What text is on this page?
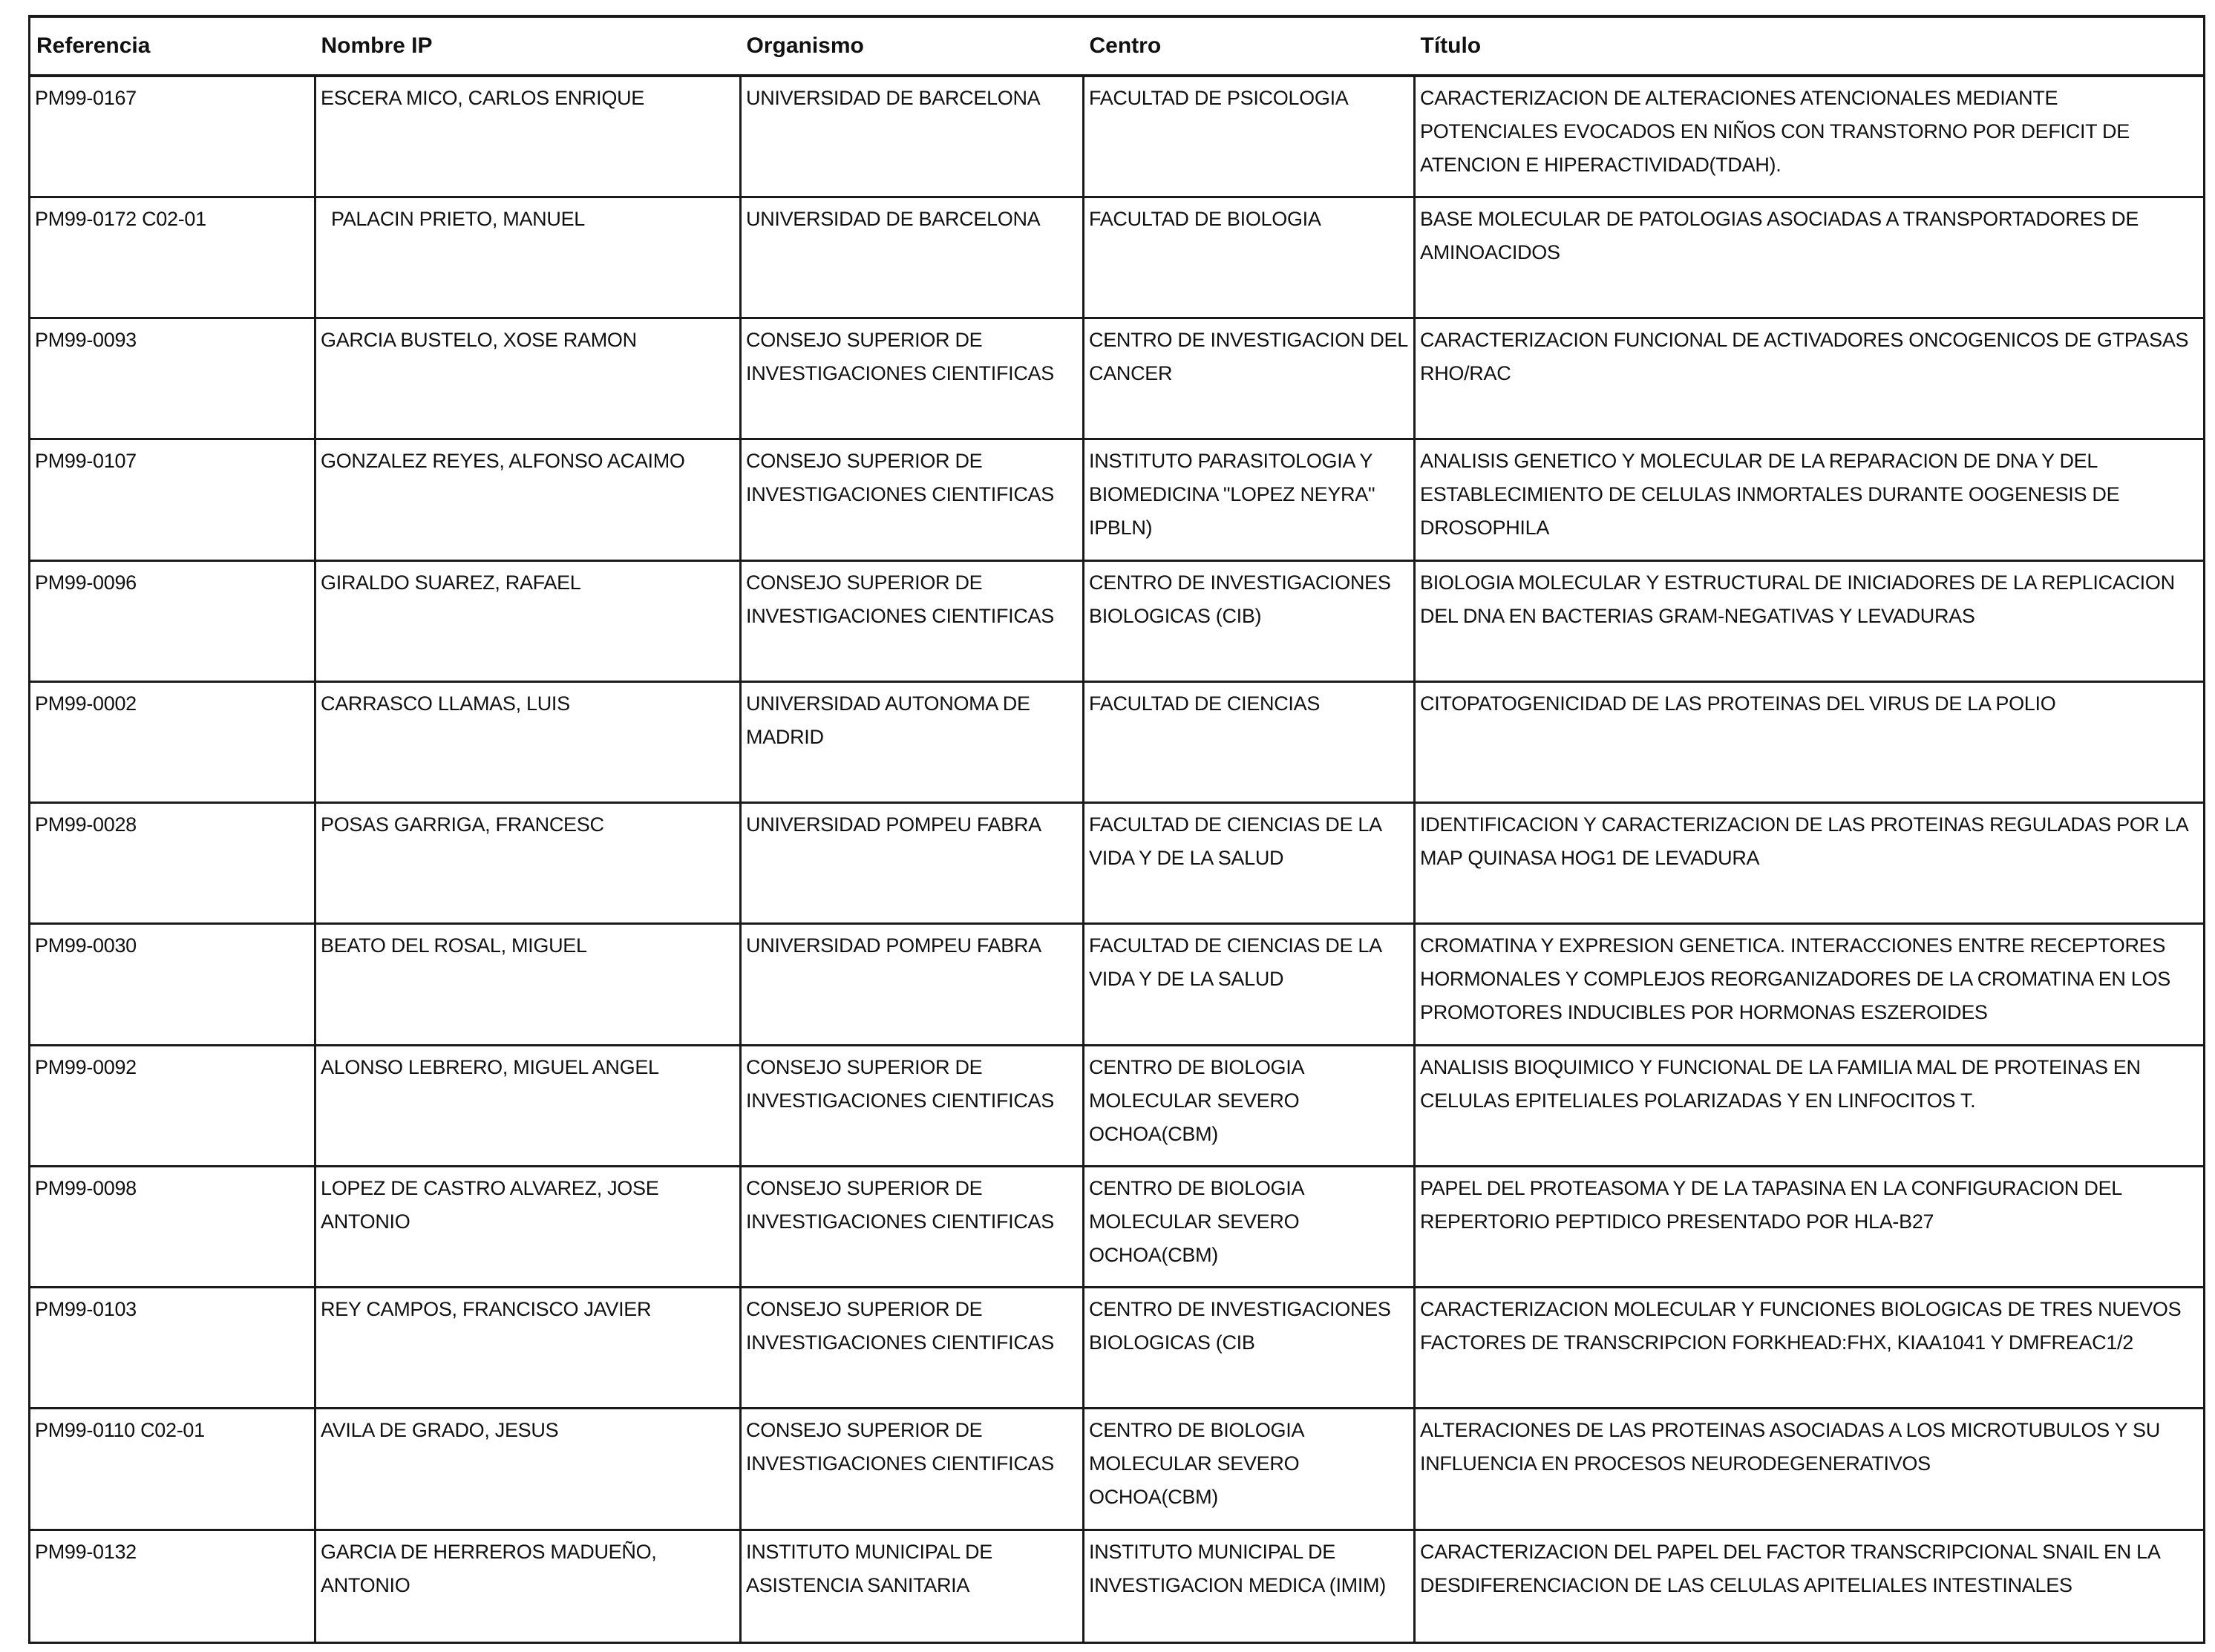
Referencia	Nombre IP	Organismo	Centro	Título
PM99-0167	ESCERA MICO, CARLOS ENRIQUE	UNIVERSIDAD DE BARCELONA	FACULTAD DE PSICOLOGIA	CARACTERIZACION DE ALTERACIONES ATENCIONALES MEDIANTE POTENCIALES EVOCADOS EN NIÑOS CON TRANSTORNO POR DEFICIT DE ATENCION E HIPERACTIVIDAD(TDAH).
PM99-0172 C02-01	PALACIN PRIETO, MANUEL	UNIVERSIDAD DE BARCELONA	FACULTAD DE BIOLOGIA	BASE MOLECULAR DE PATOLOGIAS ASOCIADAS A TRANSPORTADORES DE AMINOACIDOS
PM99-0093	GARCIA BUSTELO, XOSE RAMON	CONSEJO SUPERIOR DE INVESTIGACIONES CIENTIFICAS	CENTRO DE INVESTIGACION DEL CANCER	CARACTERIZACION FUNCIONAL DE ACTIVADORES ONCOGENICOS DE GTPASAS RHO/RAC
PM99-0107	GONZALEZ REYES, ALFONSO ACAIMO	CONSEJO SUPERIOR DE INVESTIGACIONES CIENTIFICAS	INSTITUTO PARASITOLOGIA Y BIOMEDICINA "LOPEZ NEYRA" IPBLN)	ANALISIS GENETICO Y MOLECULAR DE LA REPARACION DE DNA Y DEL ESTABLECIMIENTO DE CELULAS INMORTALES DURANTE OOGENESIS DE DROSOPHILA
PM99-0096	GIRALDO SUAREZ, RAFAEL	CONSEJO SUPERIOR DE INVESTIGACIONES CIENTIFICAS	CENTRO DE INVESTIGACIONES BIOLOGICAS (CIB)	BIOLOGIA MOLECULAR Y ESTRUCTURAL DE INICIADORES DE LA REPLICACION DEL DNA EN BACTERIAS GRAM-NEGATIVAS Y LEVADURAS
PM99-0002	CARRASCO LLAMAS, LUIS	UNIVERSIDAD AUTONOMA DE MADRID	FACULTAD DE CIENCIAS	CITOPATOGENICIDAD DE LAS PROTEINAS DEL VIRUS DE LA POLIO
PM99-0028	POSAS GARRIGA, FRANCESC	UNIVERSIDAD POMPEU FABRA	FACULTAD DE CIENCIAS DE LA VIDA Y DE LA SALUD	IDENTIFICACION Y CARACTERIZACION DE LAS PROTEINAS REGULADAS POR LA MAP QUINASA HOG1 DE LEVADURA
PM99-0030	BEATO DEL ROSAL, MIGUEL	UNIVERSIDAD POMPEU FABRA	FACULTAD DE CIENCIAS DE LA VIDA Y DE LA SALUD	CROMATINA Y EXPRESION GENETICA. INTERACCIONES ENTRE RECEPTORES HORMONALES Y COMPLEJOS REORGANIZADORES DE LA CROMATINA EN LOS PROMOTORES INDUCIBLES POR HORMONAS ESZEROIDES
PM99-0092	ALONSO LEBRERO, MIGUEL ANGEL	CONSEJO SUPERIOR DE INVESTIGACIONES CIENTIFICAS	CENTRO DE BIOLOGIA MOLECULAR SEVERO OCHOA(CBM)	ANALISIS BIOQUIMICO Y FUNCIONAL DE LA FAMILIA MAL DE PROTEINAS EN CELULAS EPITELIALES POLARIZADAS Y EN LINFOCITOS T.
PM99-0098	LOPEZ DE CASTRO ALVAREZ, JOSE ANTONIO	CONSEJO SUPERIOR DE INVESTIGACIONES CIENTIFICAS	CENTRO DE BIOLOGIA MOLECULAR SEVERO OCHOA(CBM)	PAPEL DEL PROTEASOMA Y DE LA TAPASINA EN LA CONFIGURACION DEL REPERTORIO PEPTIDICO PRESENTADO POR HLA-B27
PM99-0103	REY CAMPOS, FRANCISCO JAVIER	CONSEJO SUPERIOR DE INVESTIGACIONES CIENTIFICAS	CENTRO DE INVESTIGACIONES BIOLOGICAS (CIB	CARACTERIZACION MOLECULAR Y FUNCIONES BIOLOGICAS DE TRES NUEVOS FACTORES DE TRANSCRIPCION FORKHEAD:FHX, KIAA1041 Y DMFREAC1/2
PM99-0110 C02-01	AVILA DE GRADO, JESUS	CONSEJO SUPERIOR DE INVESTIGACIONES CIENTIFICAS	CENTRO DE BIOLOGIA MOLECULAR SEVERO OCHOA(CBM)	ALTERACIONES DE LAS PROTEINAS ASOCIADAS A LOS MICROTUBULOS Y SU INFLUENCIA EN PROCESOS NEURODEGENERATIVOS
PM99-0132	GARCIA DE HERREROS MADUEÑO, ANTONIO	INSTITUTO MUNICIPAL DE ASISTENCIA SANITARIA	INSTITUTO MUNICIPAL DE INVESTIGACION MEDICA (IMIM)	CARACTERIZACION DEL PAPEL DEL FACTOR TRANSCRIPCIONAL SNAIL EN LA DESDIFERENCIACION DE LAS CELULAS APITELIALES INTESTINALES
